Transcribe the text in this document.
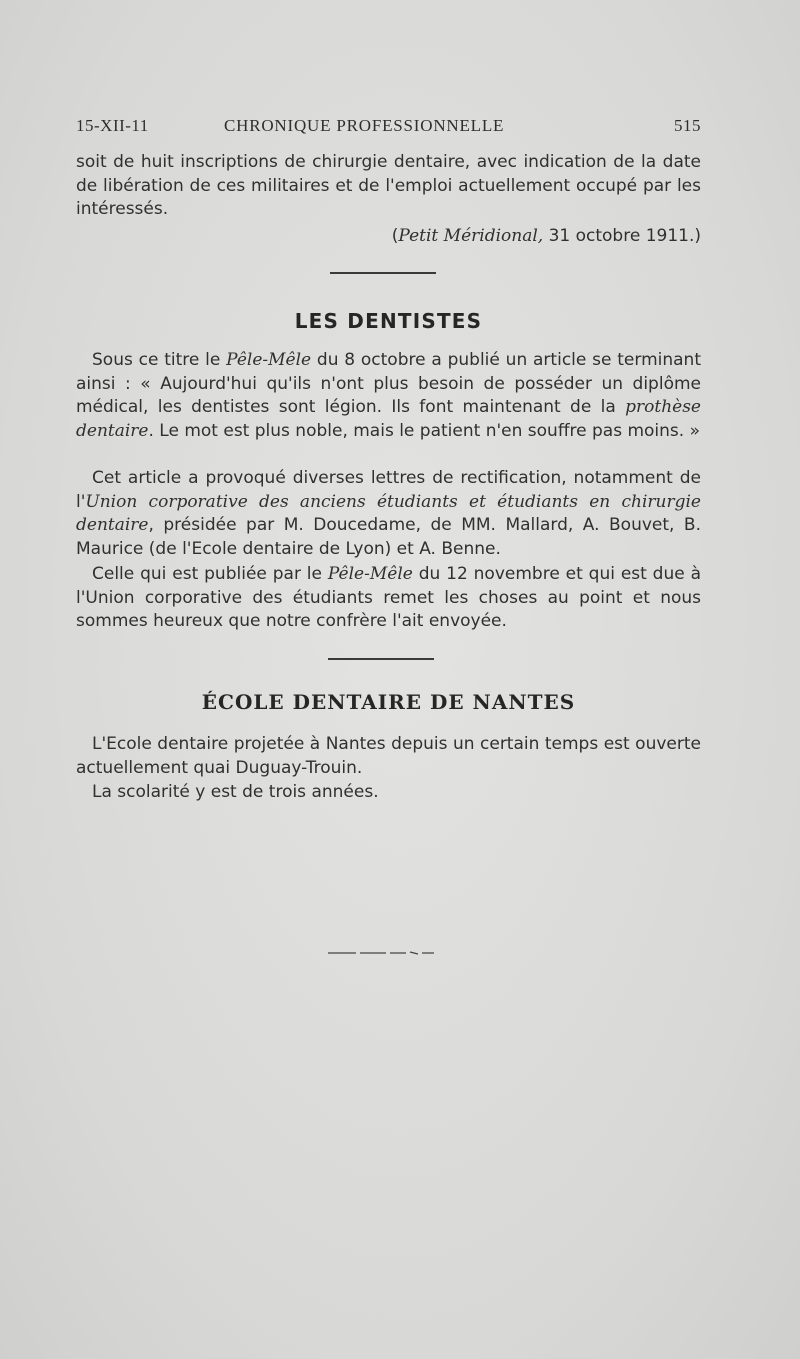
15-XII-11	CHRONIQUE PROFESSIONNELLE	515
soit de huit inscriptions de chirurgie dentaire, avec indication de la date de libération de ces militaires et de l'emploi actuellement occupé par les intéressés.
(Petit Méridional, 31 octobre 1911.)
LES DENTISTES
Sous ce titre le Pêle-Mêle du 8 octobre a publié un article se terminant ainsi : « Aujourd'hui qu'ils n'ont plus besoin de posséder un diplôme médical, les dentistes sont légion. Ils font maintenant de la prothèse dentaire. Le mot est plus noble, mais le patient n'en souffre pas moins. »
Cet article a provoqué diverses lettres de rectification, notamment de l'Union corporative des anciens étudiants et étudiants en chirurgie dentaire, présidée par M. Doucedame, de MM. Mallard, A. Bouvet, B. Maurice (de l'Ecole dentaire de Lyon) et A. Benne.
Celle qui est publiée par le Pêle-Mêle du 12 novembre et qui est due à l'Union corporative des étudiants remet les choses au point et nous sommes heureux que notre confrère l'ait envoyée.
ÉCOLE DENTAIRE DE NANTES
L'Ecole dentaire projetée à Nantes depuis un certain temps est ouverte actuellement quai Duguay-Trouin.
La scolarité y est de trois années.
